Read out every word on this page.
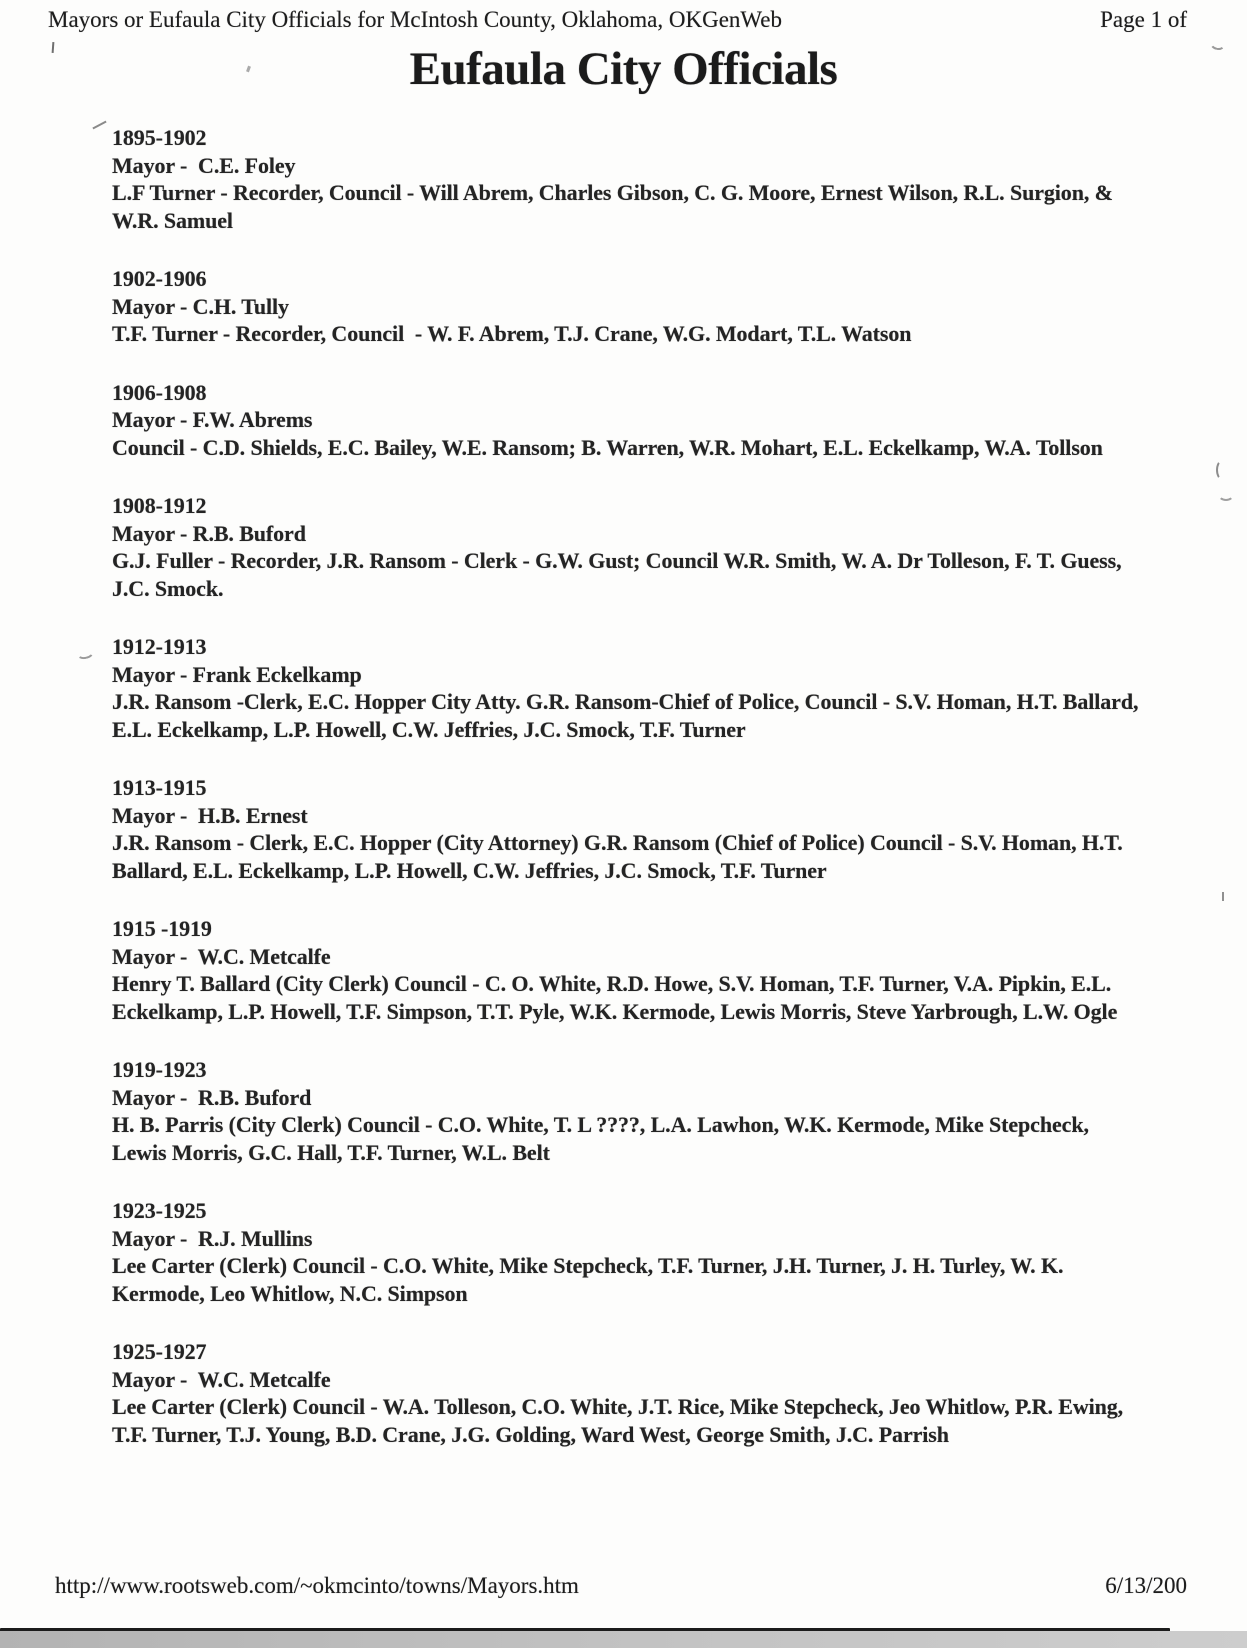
Mayors or Eufaula City Officials for McIntosh County, Oklahoma, OKGenWeb	Page 1 of
Eufaula City Officials
1895-1902
Mayor -  C.E. Foley
L.F Turner - Recorder, Council - Will Abrem, Charles Gibson, C. G. Moore, Ernest Wilson, R.L. Surgion, & W.R. Samuel
1902-1906
Mayor - C.H. Tully
T.F. Turner - Recorder, Council  - W. F. Abrem, T.J. Crane, W.G. Modart, T.L. Watson
1906-1908
Mayor - F.W. Abrems
Council - C.D. Shields, E.C. Bailey, W.E. Ransom; B. Warren, W.R. Mohart, E.L. Eckelkamp, W.A. Tollson
1908-1912
Mayor - R.B. Buford
G.J. Fuller - Recorder, J.R. Ransom - Clerk - G.W. Gust; Council W.R. Smith, W. A. Dr Tolleson, F. T. Guess,  J.C. Smock.
1912-1913
Mayor - Frank Eckelkamp
J.R. Ransom -Clerk, E.C. Hopper City Atty. G.R. Ransom-Chief of Police, Council - S.V. Homan, H.T. Ballard, E.L. Eckelkamp, L.P. Howell, C.W. Jeffries, J.C. Smock, T.F. Turner
1913-1915
Mayor -  H.B. Ernest
J.R. Ransom - Clerk, E.C. Hopper (City Attorney) G.R. Ransom (Chief of Police) Council - S.V. Homan, H.T. Ballard, E.L. Eckelkamp, L.P. Howell, C.W. Jeffries, J.C. Smock, T.F. Turner
1915 -1919
Mayor -  W.C. Metcalfe
Henry T. Ballard (City Clerk) Council - C. O. White, R.D. Howe, S.V. Homan, T.F. Turner, V.A. Pipkin, E.L. Eckelkamp, L.P. Howell, T.F. Simpson, T.T. Pyle, W.K. Kermode, Lewis Morris, Steve Yarbrough, L.W. Ogle
1919-1923
Mayor -  R.B. Buford
H. B. Parris (City Clerk) Council - C.O. White, T. L ????, L.A. Lawhon, W.K. Kermode, Mike Stepcheck, Lewis Morris, G.C. Hall, T.F. Turner, W.L. Belt
1923-1925
Mayor -  R.J. Mullins
Lee Carter (Clerk) Council - C.O. White, Mike Stepcheck, T.F. Turner, J.H. Turner, J. H. Turley, W. K. Kermode, Leo Whitlow, N.C. Simpson
1925-1927
Mayor -  W.C. Metcalfe
Lee Carter (Clerk) Council - W.A. Tolleson, C.O. White, J.T. Rice, Mike Stepcheck, Jeo Whitlow, P.R. Ewing, T.F. Turner, T.J. Young, B.D. Crane, J.G. Golding, Ward West, George Smith, J.C. Parrish
http://www.rootsweb.com/~okmcinto/towns/Mayors.htm	6/13/200
